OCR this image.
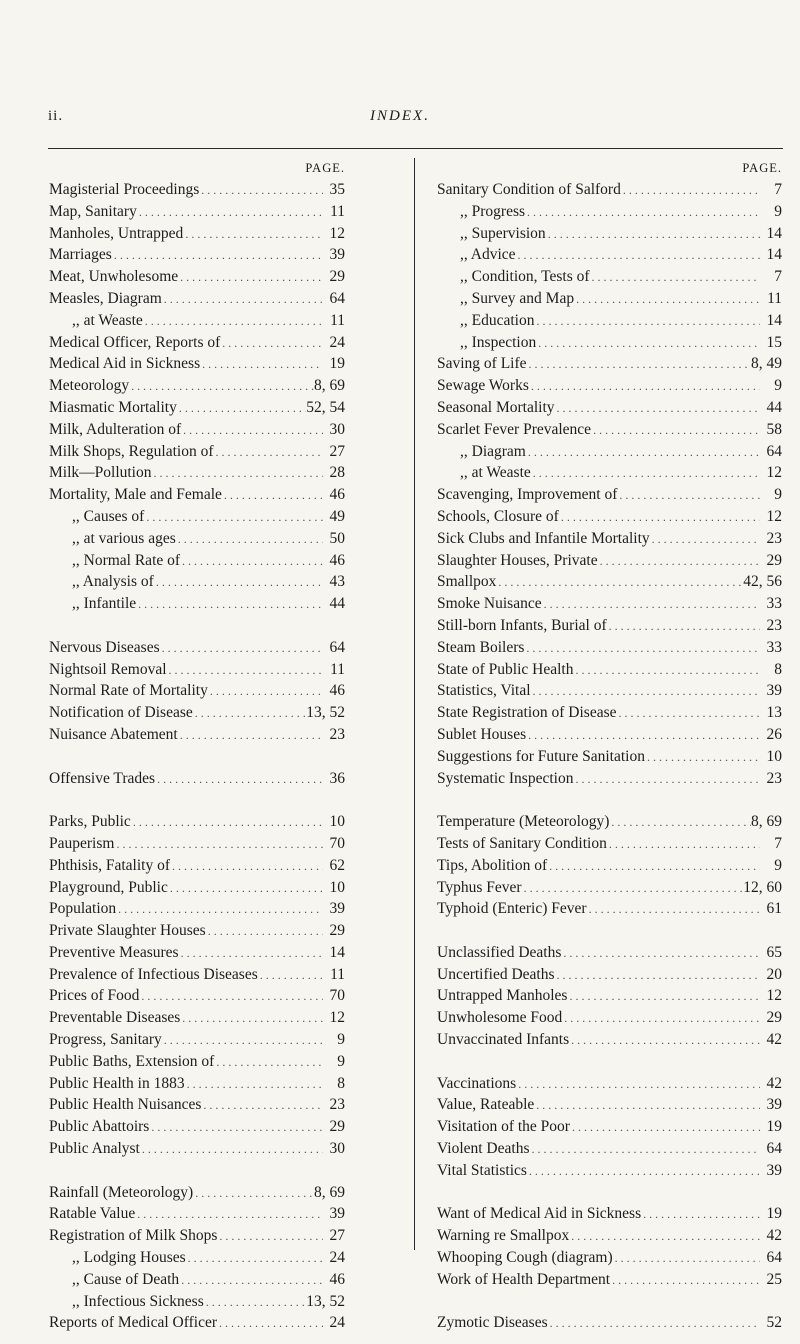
ii.	INDEX.
PAGE.
Magisterial Proceedings . . .	35
Map, Sanitary . . .	11
Manholes, Untrapped . . .	12
Marriages . . .	39
Meat, Unwholesome . . .	29
Measles, Diagram . . .	64
,, at Weaste . . .	11
Medical Officer, Reports of . . .	24
Medical Aid in Sickness . . .	19
Meteorology . . .	8, 69
Miasmatic Mortality . . .	52, 54
Milk, Adulteration of . . .	30
Milk Shops, Regulation of . . .	27
Milk—Pollution . . .	28
Mortality, Male and Female . . .	46
,, Causes of . . .	49
,, at various ages . . .	50
,, Normal Rate of . . .	46
,, Analysis of . . .	43
,, Infantile . . .	44
Nervous Diseases . . .	64
Nightsoil Removal . . .	11
Normal Rate of Mortality . . .	46
Notification of Disease . . .	13, 52
Nuisance Abatement . . .	23
Offensive Trades . . .	36
Parks, Public . . .	10
Pauperism . . .	70
Phthisis, Fatality of . . .	62
Playground, Public . . .	10
Population . . .	39
Private Slaughter Houses . . .	29
Preventive Measures . . .	14
Prevalence of Infectious Diseases . . .	11
Prices of Food . . .	70
Preventable Diseases . . .	12
Progress, Sanitary . . .	9
Public Baths, Extension of . . .	9
Public Health in 1883 . . .	8
Public Health Nuisances . . .	23
Public Abattoirs . . .	29
Public Analyst . . .	30
Rainfall (Meteorology) . . .	8, 69
Ratable Value . . .	39
Registration of Milk Shops . . .	27
,, Lodging Houses . . .	24
,, Cause of Death . . .	46
,, Infectious Sickness . . .	13, 52
Reports of Medical Officer . . .	24
PAGE.
Sanitary Condition of Salford . . .	7
,, Progress . . .	9
,, Supervision . . .	14
,, Advice . . .	14
,, Condition, Tests of . . .	7
,, Survey and Map . . .	11
,, Education . . .	14
,, Inspection . . .	15
Saving of Life . . .	8, 49
Sewage Works . . .	9
Seasonal Mortality . . .	44
Scarlet Fever Prevalence . . .	58
,, Diagram . . .	64
,, at Weaste . . .	12
Scavenging, Improvement of . . .	9
Schools, Closure of . . .	12
Sick Clubs and Infantile Mortality . . .	23
Slaughter Houses, Private . . .	29
Smallpox . . .	42, 56
Smoke Nuisance . . .	33
Still-born Infants, Burial of . . .	23
Steam Boilers . . .	33
State of Public Health . . .	8
Statistics, Vital . . .	39
State Registration of Disease . . .	13
Sublet Houses . . .	26
Suggestions for Future Sanitation . . .	10
Systematic Inspection . . .	23
Temperature (Meteorology) . . .	8, 69
Tests of Sanitary Condition . . .	7
Tips, Abolition of . . .	9
Typhus Fever . . .	12, 60
Typhoid (Enteric) Fever . . .	61
Unclassified Deaths . . .	65
Uncertified Deaths . . .	20
Untrapped Manholes . . .	12
Unwholesome Food . . .	29
Unvaccinated Infants . . .	42
Vaccinations . . .	42
Value, Rateable . . .	39
Visitation of the Poor . . .	19
Violent Deaths . . .	64
Vital Statistics . . .	39
Want of Medical Aid in Sickness . . .	19
Warning re Smallpox . . .	42
Whooping Cough (diagram) . . .	64
Work of Health Department . . .	25
Zymotic Diseases . . .	52
